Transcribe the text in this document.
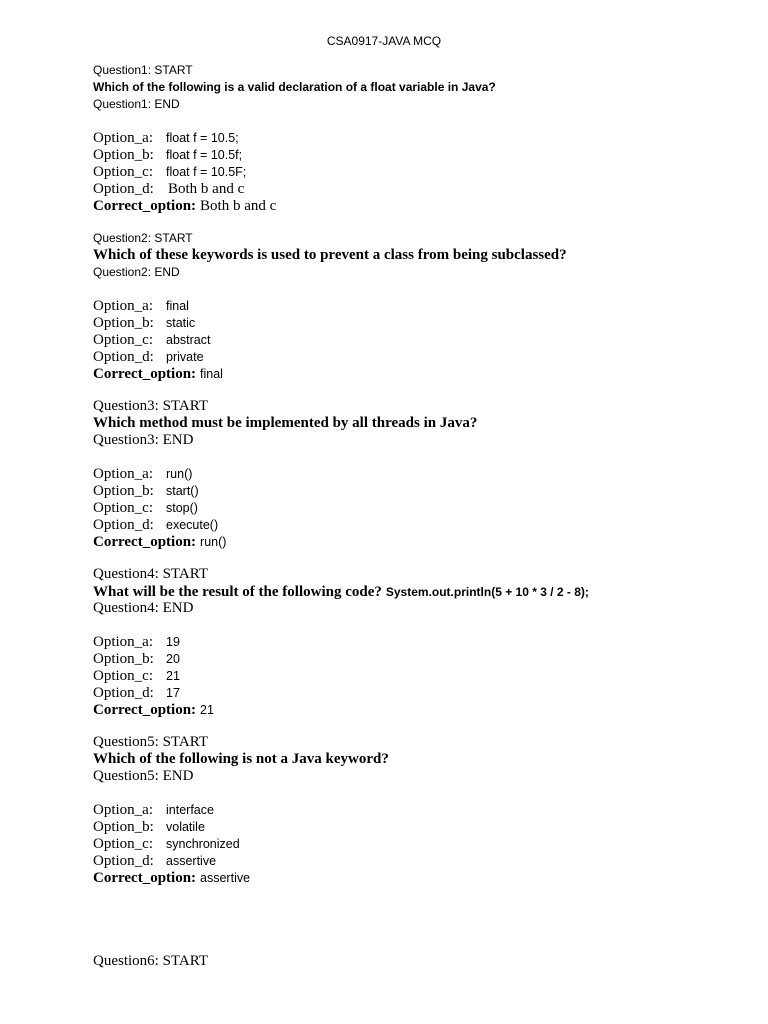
CSA0917-JAVA MCQ

Question1: START

Which of the following is a valid declaration of a float variable in Java?

Question1: END

Option_a: float f = 10.5;

Option_b: float f = 10.5f;

Option_c: float f = 10.5F;

Option_d: Both b and c

Correct_option: Both b and c

Question2: START

Which of these keywords is used to prevent a class from being subclassed?

Question2: END

Option_a: final

Option_b: static

Option_c: abstract

Option_d: private

Correct_option: final

Question3: START

Which method must be implemented by all threads in Java?

Question3: END

Option_a: run()

Option_b: start()

Option_c: stop()

Option_d: execute()

Correct_option: run()

Question4: START

What will be the result of the following code? System.out.println(5 + 10 * 3 / 2 - 8);

Question4: END

Option_a: 19

Option_b: 20

Option_c: 21

Option_d: 17

Correct_option: 21

Question5: START

Which of the following is not a Java keyword?

Question5: END

Option_a: interface

Option_b: volatile

Option_c: synchronized

Option_d: assertive

Correct_option: assertive

Question6: START
